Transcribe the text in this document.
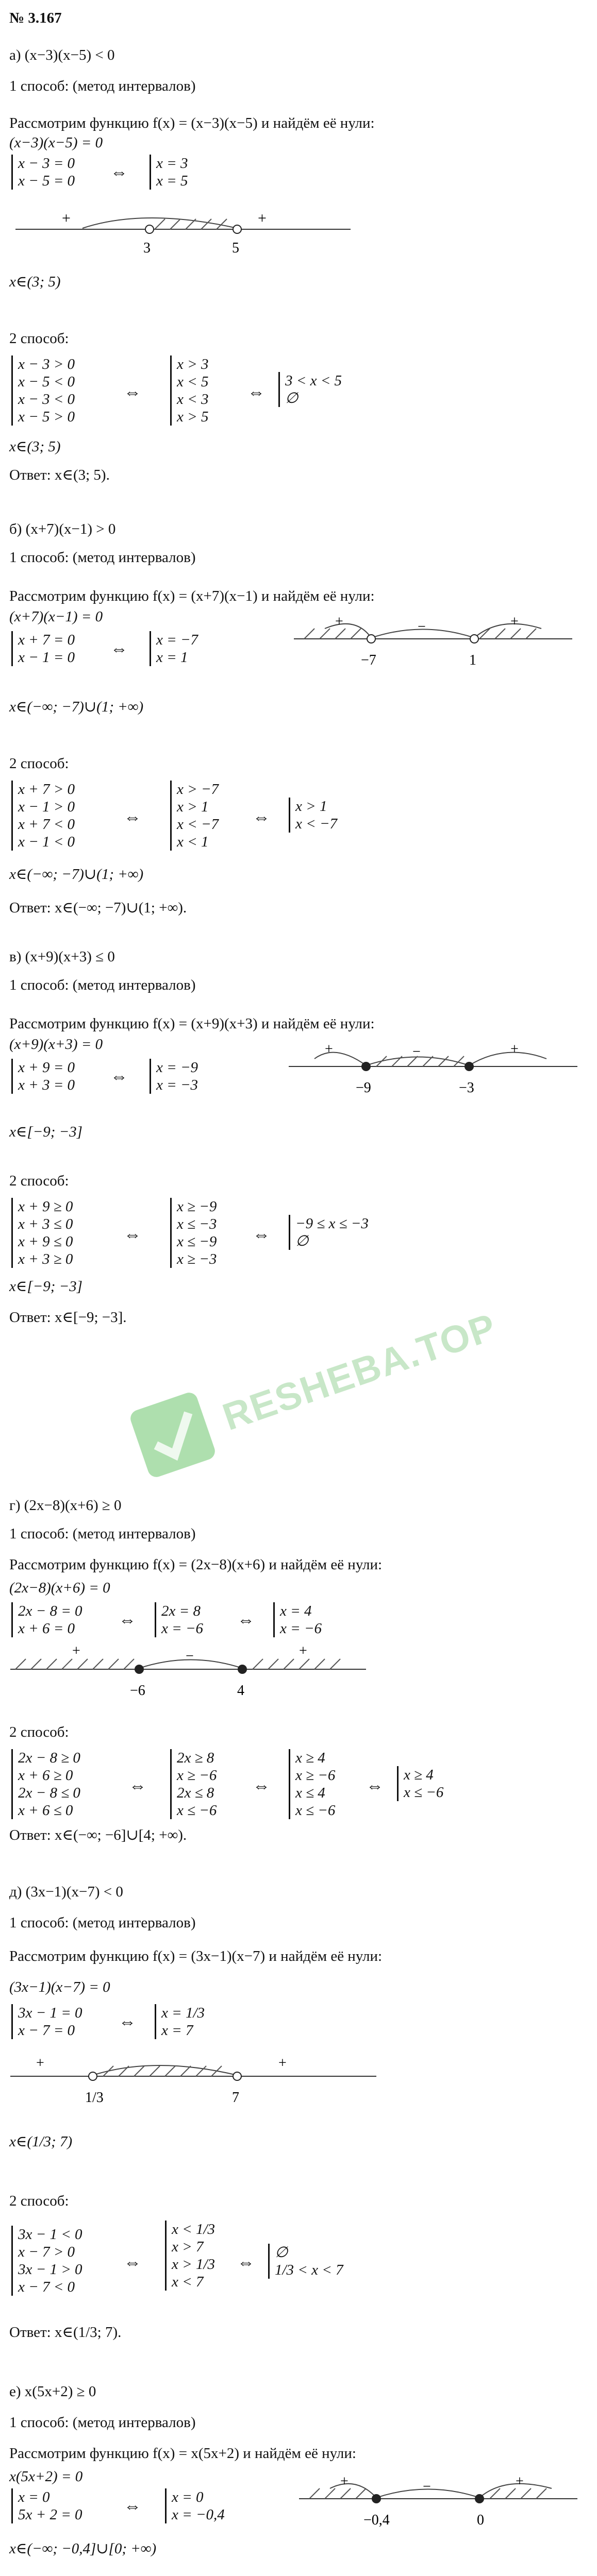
№ 3.167
а) (x−3)(x−5) < 0
1 способ: (метод интервалов)
Рассмотрим функцию f(x) = (x−3)(x−5) и найдём её нули:
(x−3)(x−5) = 0
x − 3 = 0
x − 5 = 0 ⇔ x = 3
x = 5
+	+
3	5
x∈(3; 5)
2 способ:
x − 3 > 0
x − 5 < 0
x − 3 < 0
x − 5 > 0
⇔
x > 3
x < 5
x < 3
x > 5
⇔
3 < x < 5
∅
x∈(3; 5)
Ответ: x∈(3; 5).
б) (x+7)(x−1) > 0
1 способ: (метод интервалов)
Рассмотрим функцию f(x) = (x+7)(x−1) и найдём её нули:
(x+7)(x−1) = 0
x + 7 = 0
x − 1 = 0 ⇔ x = −7
x = 1
+	−	+
−7	1
x∈(−∞; −7)∪(1; +∞)
2 способ:
x + 7 > 0
x − 1 > 0
x + 7 < 0
x − 1 < 0
⇔
x > −7
x > 1
x < −7
x < 1
⇔
x > 1
x < −7
x∈(−∞; −7)∪(1; +∞)
Ответ: x∈(−∞; −7)∪(1; +∞).
в) (x+9)(x+3) ≤ 0
1 способ: (метод интервалов)
Рассмотрим функцию f(x) = (x+9)(x+3) и найдём её нули:
(x+9)(x+3) = 0
x + 9 = 0
x + 3 = 0 ⇔ x = −9
x = −3
+	−	+
−9	−3
x∈[−9; −3]
2 способ:
x + 9 ≥ 0
x + 3 ≤ 0
x + 9 ≤ 0
x + 3 ≥ 0
⇔
x ≥ −9
x ≤ −3
x ≤ −9
x ≥ −3
⇔
−9 ≤ x ≤ −3
∅
x∈[−9; −3]
Ответ: x∈[−9; −3]. RESHEBA.TOP
г) (2x−8)(x+6) ≥ 0
1 способ: (метод интервалов)
Рассмотрим функцию f(x) = (2x−8)(x+6) и найдём её нули:
(2x−8)(x+6) = 0
2x − 8 = 0
x + 6 = 0	⇔ 2x = 8
x = −6 ⇔ x = 4
x = −6
+	−	+
−6	4
2 способ:
2x − 8 ≥ 0
x + 6 ≥ 0
2x − 8 ≤ 0
x + 6 ≤ 0
⇔
2x ≥ 8
x ≥ −6
2x ≤ 8
x ≤ −6
⇔
x ≥ 4
x ≥ −6
x ≤ 4
x ≤ −6
⇔
x ≥ 4
x ≤ −6
Ответ: x∈(−∞; −6]∪[4; +∞).
д) (3x−1)(x−7) < 0
1 способ: (метод интервалов)
Рассмотрим функцию f(x) = (3x−1)(x−7) и найдём её нули:
(3x−1)(x−7) = 0
3x − 1 = 0
x − 7 = 0	⇔ x = 1/3
x = 7
+	+
1/3	7
x∈(1/3; 7)
2 способ:
3x − 1 < 0
x − 7 > 0
3x − 1 > 0
x − 7 < 0
⇔
x < 1/3
x > 7
x > 1/3
x < 7
⇔
∅
1/3 < x < 7
Ответ: x∈(1/3; 7).
е) x(5x+2) ≥ 0
1 способ: (метод интервалов)
Рассмотрим функцию f(x) = x(5x+2) и найдём её нули:
x(5x+2) = 0
x = 0
5x + 2 = 0 ⇔ x = 0
x = −0,4
+	−	+
−0,4	0
x∈(−∞; −0,4]∪[0; +∞)
